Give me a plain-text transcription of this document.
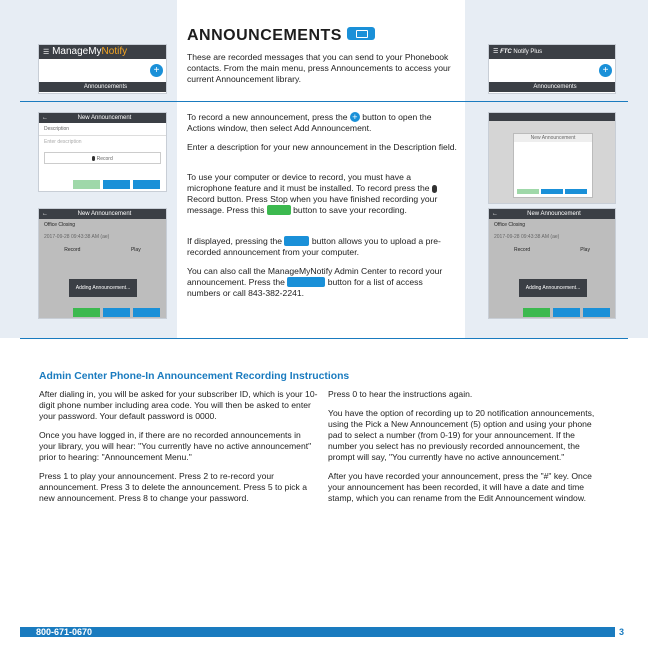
☰ ManageMyNotify
+
Announcements
←	New Announcement
Description
Enter description
Record
←	New Announcement
Office Closing
2017-09-28 09:43:38 AM (ae)
Record	Play
Adding Announcement...
☰ FTC Notify Plus
+
Announcements
New Announcement
←	New Announcement
Office Closing
2017-09-28 09:43:38 AM (ae)
Record	Play
Adding Announcement...
ANNOUNCEMENTS
These are recorded messages that you can send to your Phonebook contacts. From the main menu, press Announcements to access your current Announcement library.
To record a new announcement, press the + button to open the Actions window, then select Add Announcement.
Enter a description for your new announcement in the Description field.
To use your computer or device to record, you must have a microphone feature and it must be installed. To record press the Record button. Press Stop when you have finished recording your message. Press this	button to save your recording.
If displayed, pressing the	button allows you to upload a pre-recorded announcement from your computer.
You can also call the ManageMyNotify Admin Center to record your announcement. Press the	button for a list of access numbers or call 843-382-2241.
Admin Center Phone-In Announcement Recording Instructions

After dialing in, you will be asked for your subscriber ID, which is your 10-digit phone number including area code. You will then be asked to enter your password. Your default password is 0000.

Once you have logged in, if there are no recorded announcements in your library, you will hear: "You currently have no active announcement" prior to hearing: "Announcement Menu."

Press 1 to play your announcement. Press 2 to re-record your announcement. Press 3 to delete the announcement. Press 5 to pick a new announcement. Press 8 to change your password.

Press 0 to hear the instructions again.

You have the option of recording up to 20 notification announcements, using the Pick a New Announcement (5) option and using your phone pad to select a number (from 0-19) for your announcement. If the number you select has no previously recorded announcement, the prompt will say, "You currently have no active announcement."

After you have recorded your announcement, press the "#" key. Once your announcement has been recorded, it will have a date and time stamp, which you can rename from the Edit Announcement window.

800-671-0670	3
